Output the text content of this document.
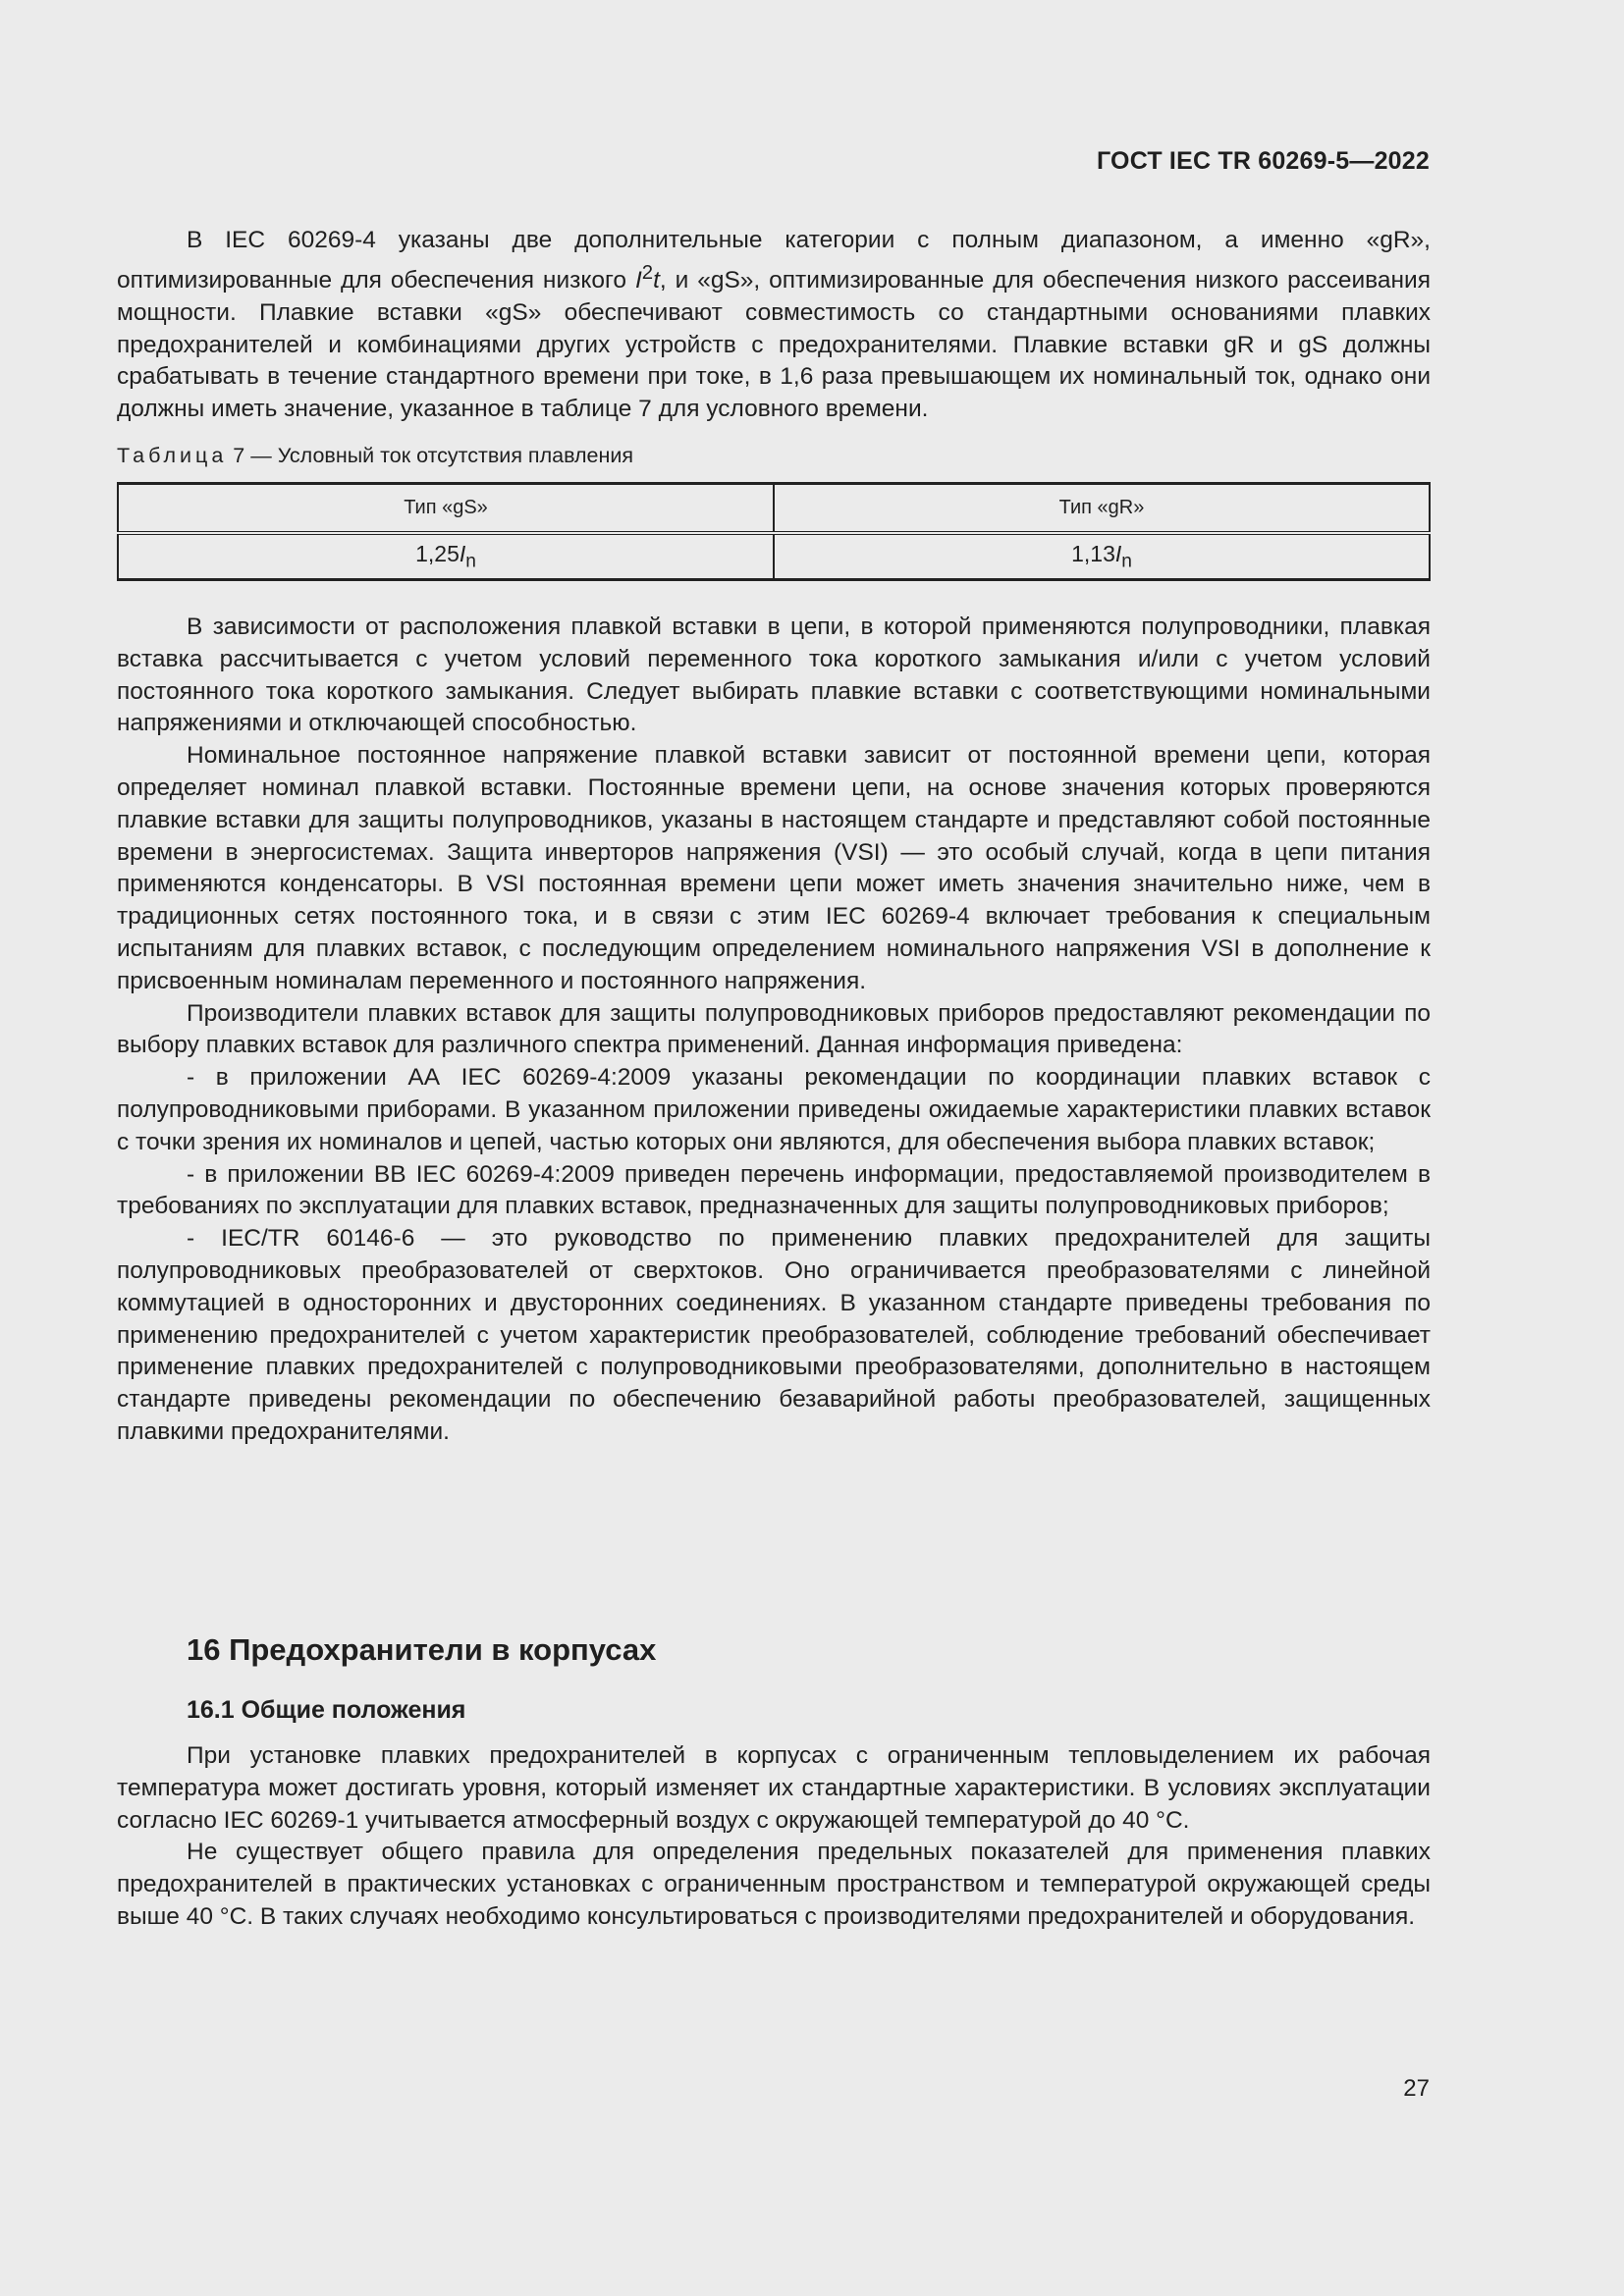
ГОСТ IEC TR 60269-5—2022

В IEC 60269-4 указаны две дополнительные категории с полным диапазоном, а именно «gR», оптимизированные для обеспечения низкого $I^2t$, и «gS», оптимизированные для обеспечения низкого рассеивания мощности. Плавкие вставки «gS» обеспечивают совместимость со стандартными основаниями плавких предохранителей и комбинациями других устройств с предохранителями. Плавкие вставки gR и gS должны срабатывать в течение стандартного времени при токе, в 1,6 раза превышающем их номинальный ток, однако они должны иметь значение, указанное в таблице 7 для условного времени.

Таблица 7 — Условный ток отсутствия плавления
Тип «gS»	Тип «gR»
$1,25I_n$	$1,13I_n$

В зависимости от расположения плавкой вставки в цепи, в которой применяются полупроводники, плавкая вставка рассчитывается с учетом условий переменного тока короткого замыкания и/или с учетом условий постоянного тока короткого замыкания. Следует выбирать плавкие вставки с соответствующими номинальными напряжениями и отключающей способностью.

Номинальное постоянное напряжение плавкой вставки зависит от постоянной времени цепи, которая определяет номинал плавкой вставки. Постоянные времени цепи, на основе значения которых проверяются плавкие вставки для защиты полупроводников, указаны в настоящем стандарте и представляют собой постоянные времени в энергосистемах. Защита инверторов напряжения (VSI) — это особый случай, когда в цепи питания применяются конденсаторы. В VSI постоянная времени цепи может иметь значения значительно ниже, чем в традиционных сетях постоянного тока, и в связи с этим IEC 60269-4 включает требования к специальным испытаниям для плавких вставок, с последующим определением номинального напряжения VSI в дополнение к присвоенным номиналам переменного и постоянного напряжения.

Производители плавких вставок для защиты полупроводниковых приборов предоставляют рекомендации по выбору плавких вставок для различного спектра применений. Данная информация приведена:

- в приложении АА IEC 60269-4:2009 указаны рекомендации по координации плавких вставок с полупроводниковыми приборами. В указанном приложении приведены ожидаемые характеристики плавких вставок с точки зрения их номиналов и цепей, частью которых они являются, для обеспечения выбора плавких вставок;

- в приложении ВВ IEC 60269-4:2009 приведен перечень информации, предоставляемой производителем в требованиях по эксплуатации для плавких вставок, предназначенных для защиты полупроводниковых приборов;

- IEC/TR 60146-6 — это руководство по применению плавких предохранителей для защиты полупроводниковых преобразователей от сверхтоков. Оно ограничивается преобразователями с линейной коммутацией в односторонних и двусторонних соединениях. В указанном стандарте приведены требования по применению предохранителей с учетом характеристик преобразователей, соблюдение требований обеспечивает применение плавких предохранителей с полупроводниковыми преобразователями, дополнительно в настоящем стандарте приведены рекомендации по обеспечению безаварийной работы преобразователей, защищенных плавкими предохранителями.

16 Предохранители в корпусах
16.1 Общие положения

При установке плавких предохранителей в корпусах с ограниченным тепловыделением их рабочая температура может достигать уровня, который изменяет их стандартные характеристики. В условиях эксплуатации согласно IEC 60269-1 учитывается атмосферный воздух с окружающей температурой до 40 °C.

Не существует общего правила для определения предельных показателей для применения плавких предохранителей в практических установках с ограниченным пространством и температурой окружающей среды выше 40 °C. В таких случаях необходимо консультироваться с производителями предохранителей и оборудования.

27
